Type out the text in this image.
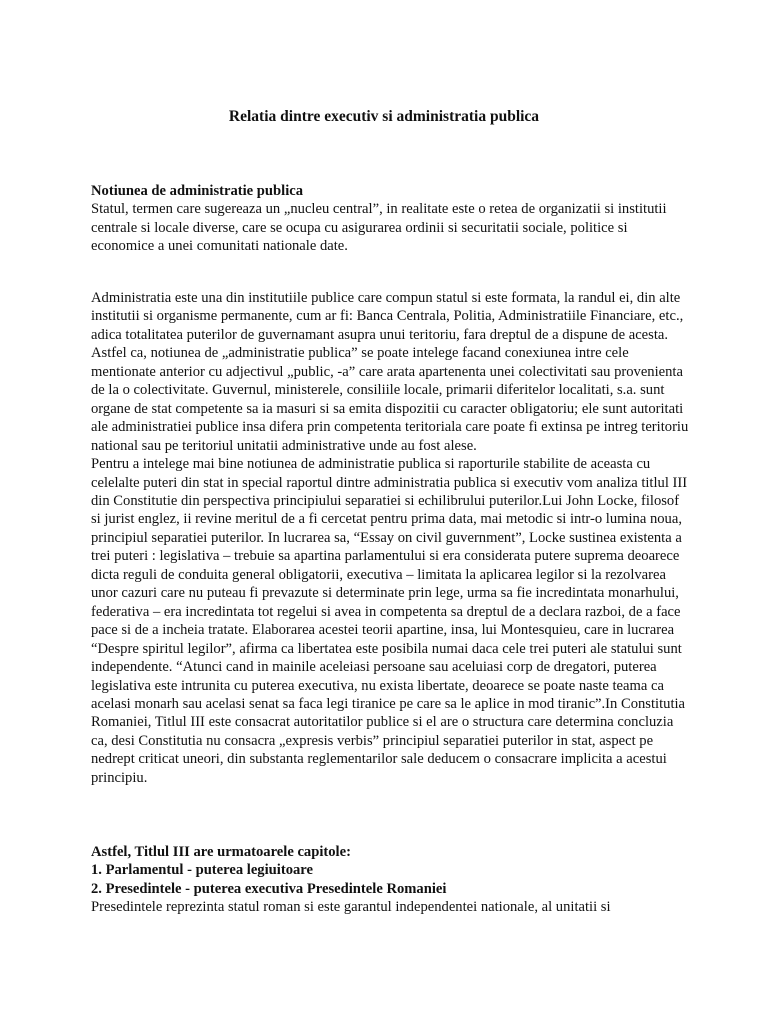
Relatia dintre executiv si administratia publica
Notiunea de administratie publica

Statul, termen care sugereaza un „nucleu central”, in realitate este o retea de organizatii si institutii centrale si locale diverse, care se ocupa cu asigurarea ordinii si securitatii sociale, politice si economice a unei comunitati nationale date.

Administratia este una din institutiile publice care compun statul si este formata, la randul ei, din alte institutii si organisme permanente, cum ar fi: Banca Centrala, Politia, Administratiile Financiare, etc., adica totalitatea puterilor de guvernamant asupra unui teritoriu, fara dreptul de a dispune de acesta. Astfel ca, notiunea de „administratie publica” se poate intelege facand conexiunea intre cele mentionate anterior cu adjectivul „public, -a” care arata apartenenta unei colectivitati sau provenienta de la o colectivitate. Guvernul, ministerele, consiliile locale, primarii diferitelor localitati, s.a. sunt organe de stat competente sa ia masuri si sa emita dispozitii cu caracter obligatoriu; ele sunt autoritati ale administratiei publice insa difera prin competenta teritoriala care poate fi extinsa pe intreg teritoriu national sau pe teritoriul unitatii administrative unde au fost alese.

Pentru a intelege mai bine notiunea de administratie publica si raporturile stabilite de aceasta cu celelalte puteri din stat in special raportul dintre administratia publica si executiv vom analiza titlul III din Constitutie din perspectiva principiului separatiei si echilibrului puterilor.Lui John Locke, filosof si jurist englez, ii revine meritul de a fi cercetat pentru prima data, mai metodic si intr-o lumina noua, principiul separatiei puterilor. In lucrarea sa, “Essay on civil guvernment”, Locke sustinea existenta a trei puteri : legislativa – trebuie sa apartina parlamentului si era considerata putere suprema deoarece dicta reguli de conduita general obligatorii, executiva – limitata la aplicarea legilor si la rezolvarea unor cazuri care nu puteau fi prevazute si determinate prin lege, urma sa fie incredintata monarhului, federativa – era incredintata tot regelui si avea in competenta sa dreptul de a declara razboi, de a face pace si de a incheia tratate. Elaborarea acestei teorii apartine, insa, lui Montesquieu, care in lucrarea “Despre spiritul legilor”, afirma ca libertatea este posibila numai daca cele trei puteri ale statului sunt independente. “Atunci cand in mainile aceleiasi persoane sau aceluiasi corp de dregatori, puterea legislativa este intrunita cu puterea executiva, nu exista libertate, deoarece se poate naste teama ca acelasi monarh sau acelasi senat sa faca legi tiranice pe care sa le aplice in mod tiranic”.In Constitutia Romaniei, Titlul III este consacrat autoritatilor publice si el are o structura care determina concluzia ca, desi Constitutia nu consacra „expresis verbis” principiul separatiei puterilor in stat, aspect pe nedrept criticat uneori, din substanta reglementarilor sale deducem o consacrare implicita a acestui principiu.

Astfel, Titlul III are urmatoarele capitole:
1. Parlamentul - puterea legiuitoare
2. Presedintele - puterea executiva Presedintele Romaniei

Presedintele reprezinta statul roman si este garantul independentei nationale, al unitatii si
